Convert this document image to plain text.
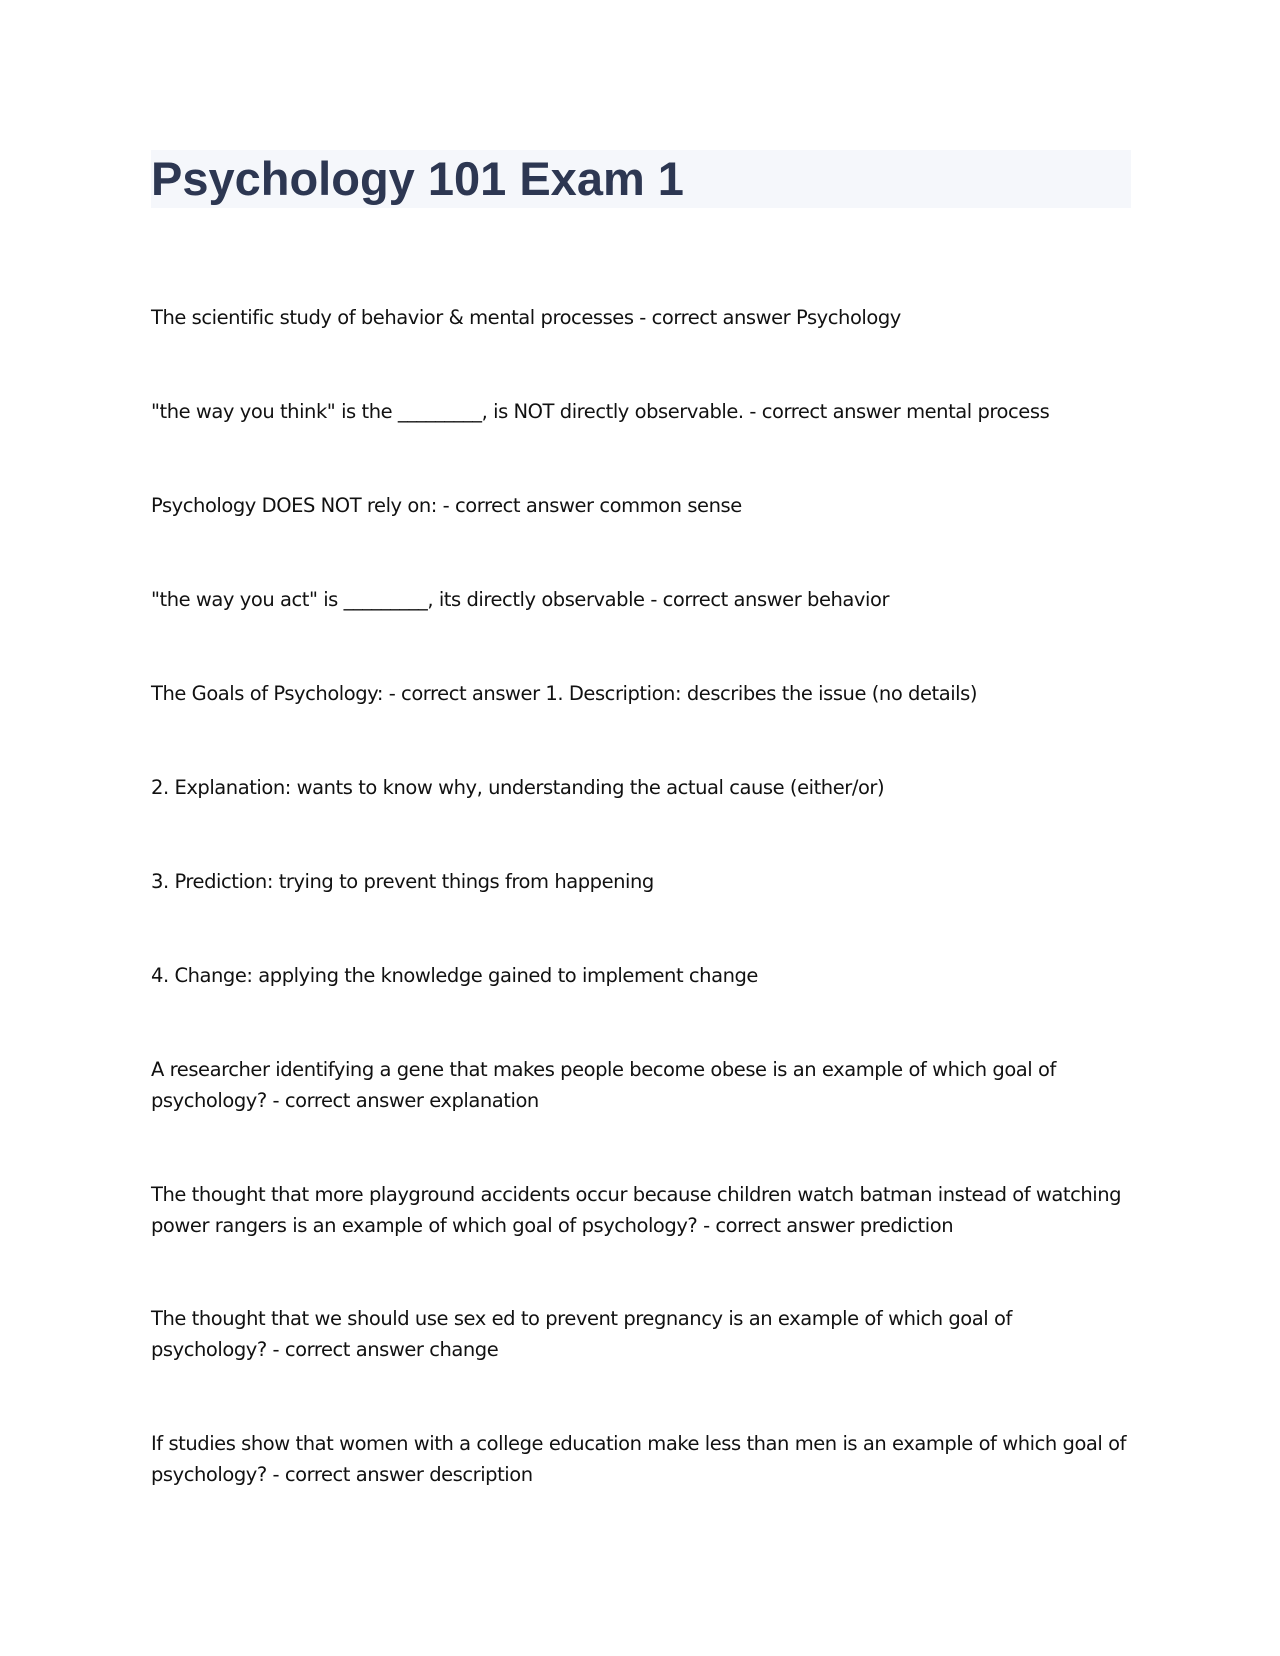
Psychology 101 Exam 1

The scientific study of behavior & mental processes - correct answer Psychology

"the way you think" is the _________, is NOT directly observable. - correct answer mental process

Psychology DOES NOT rely on: - correct answer common sense

"the way you act" is _________, its directly observable - correct answer behavior

The Goals of Psychology: - correct answer 1. Description: describes the issue (no details)

2. Explanation: wants to know why, understanding the actual cause (either/or)

3. Prediction: trying to prevent things from happening

4. Change: applying the knowledge gained to implement change

A researcher identifying a gene that makes people become obese is an example of which goal of psychology? - correct answer explanation

The thought that more playground accidents occur because children watch batman instead of watching power rangers is an example of which goal of psychology? - correct answer prediction

The thought that we should use sex ed to prevent pregnancy is an example of which goal of psychology? - correct answer change

If studies show that women with a college education make less than men is an example of which goal of psychology? - correct answer description
